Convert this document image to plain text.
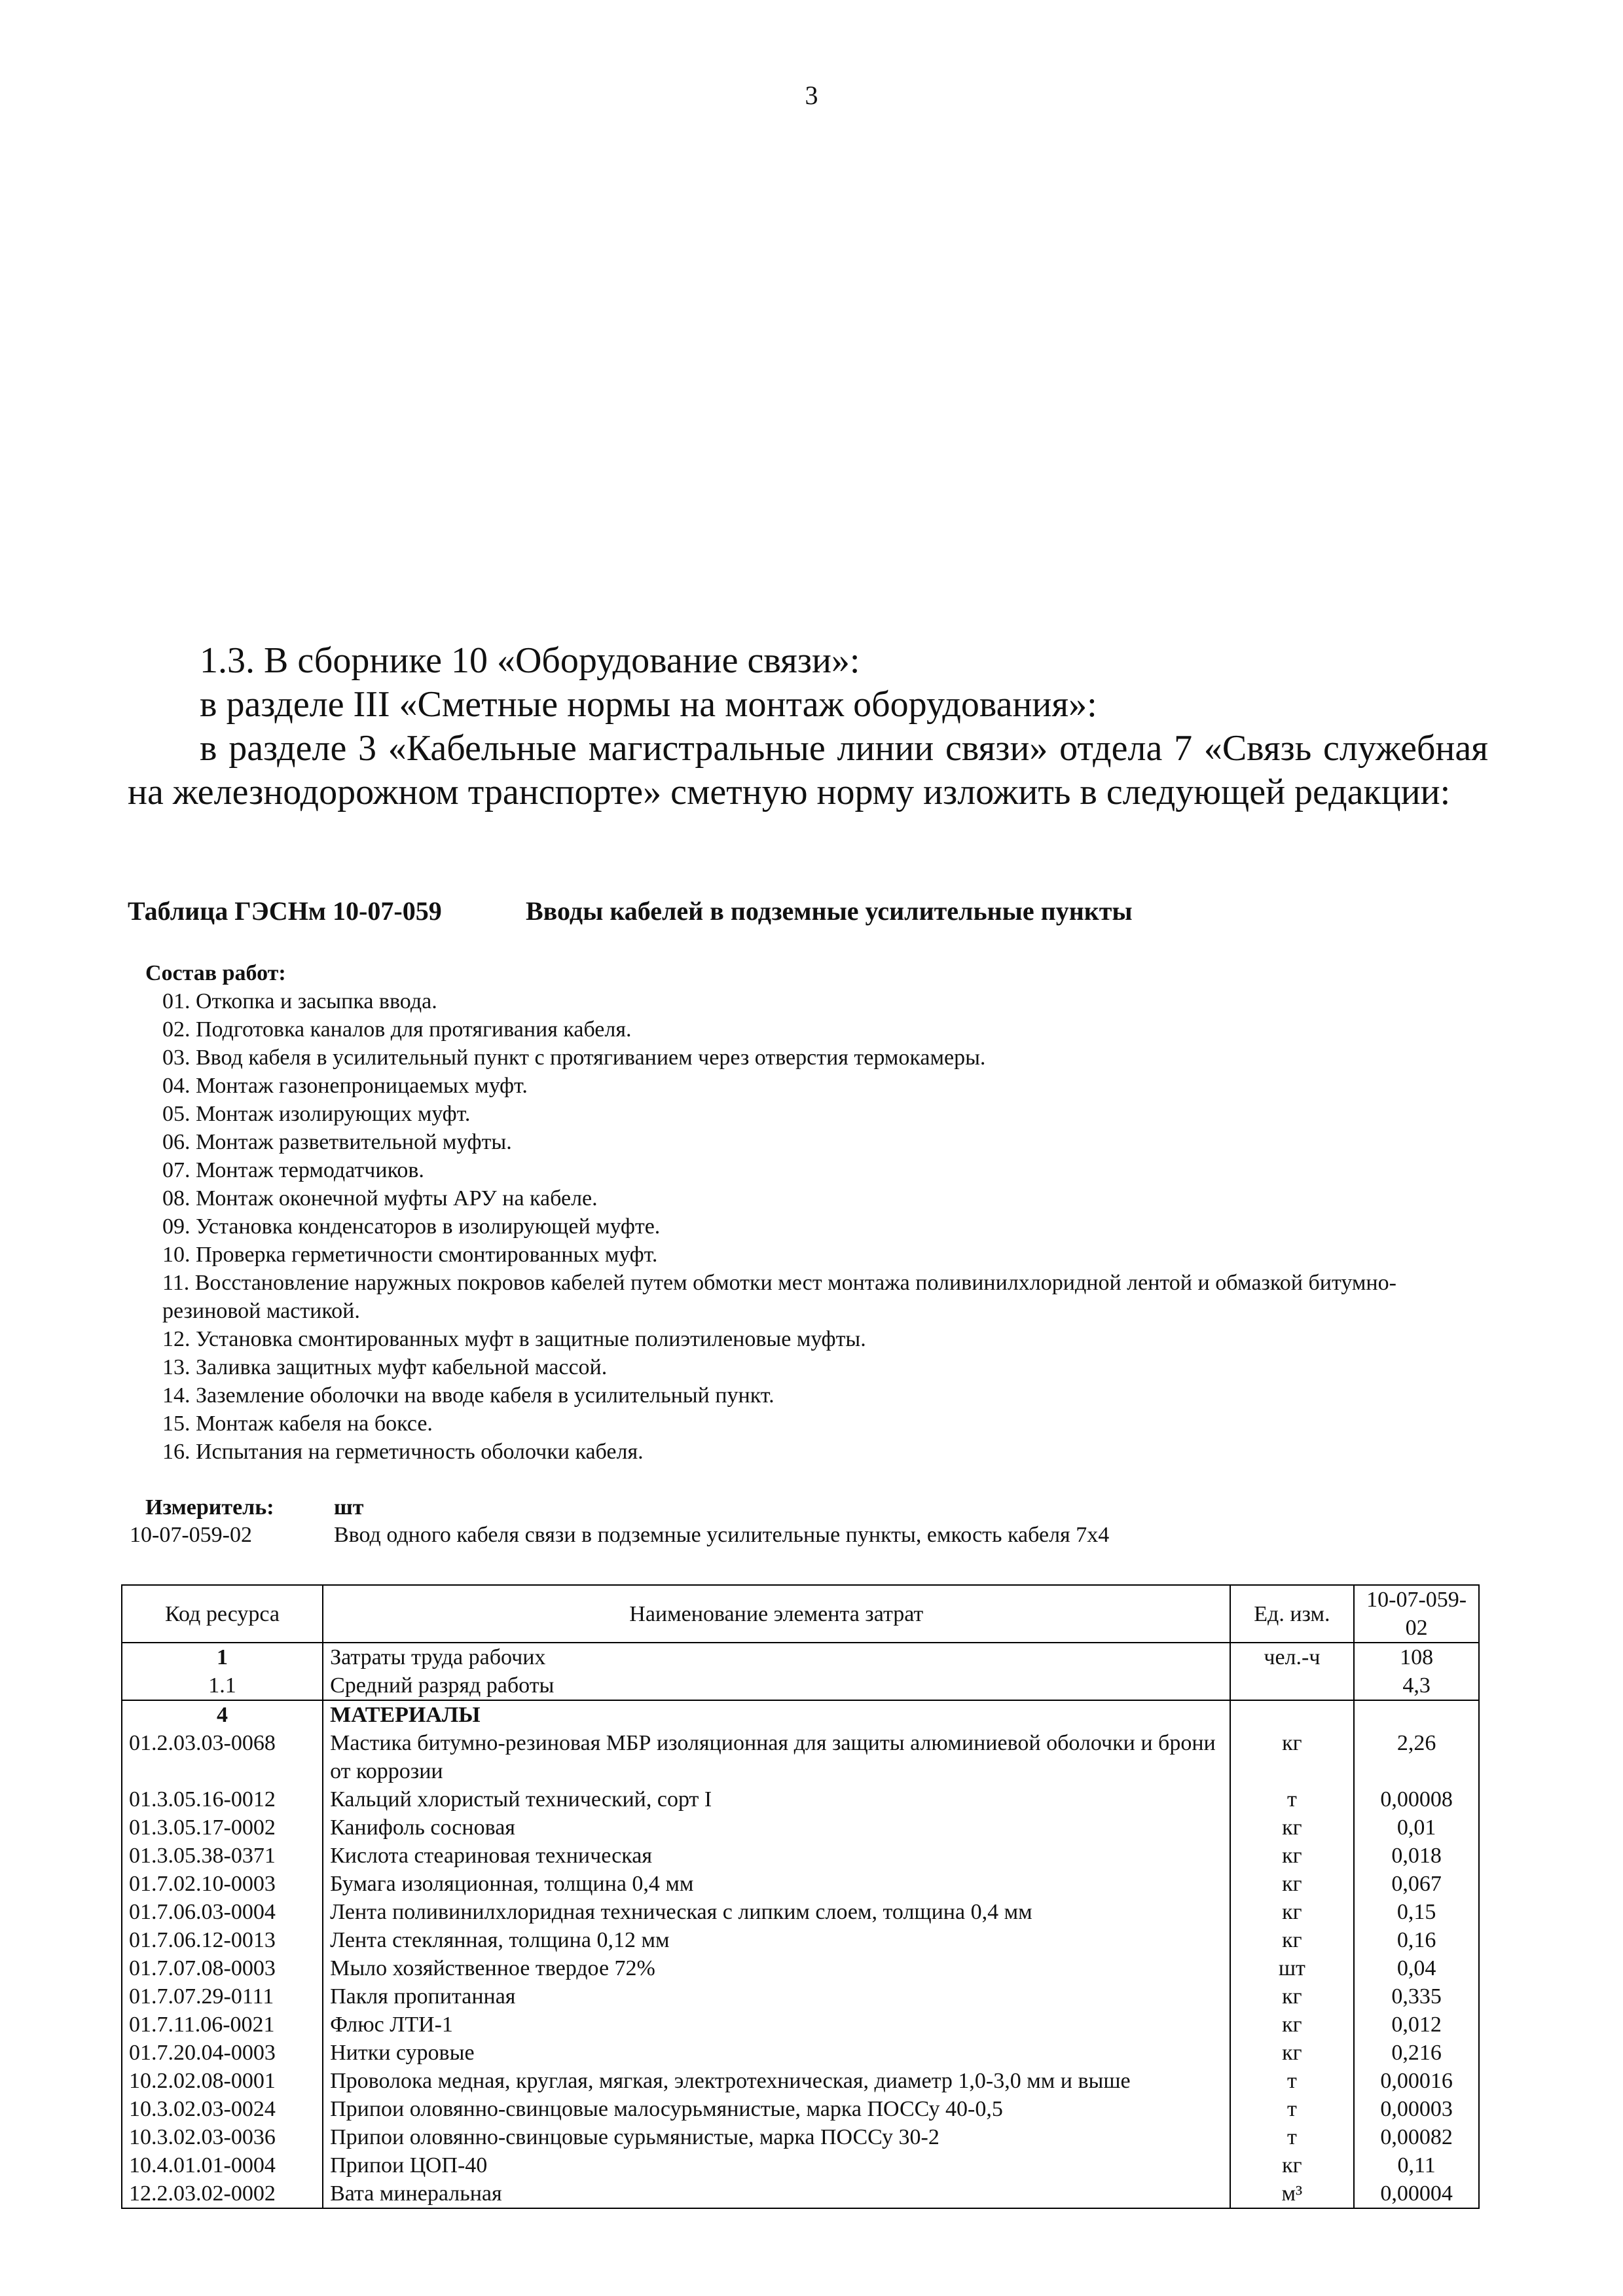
3

1.3. В сборнике 10 «Оборудование связи»:

в разделе III «Сметные нормы на монтаж оборудования»:

в разделе 3 «Кабельные магистральные линии связи» отдела 7 «Связь служебная на железнодорожном транспорте» сметную норму изложить в следующей редакции:

Таблица ГЭСНм 10-07-059	Вводы кабелей в подземные усилительные пункты
Состав работ:
01. Откопка и засыпка ввода.
02. Подготовка каналов для протягивания кабеля.
03. Ввод кабеля в усилительный пункт с протягиванием через отверстия термокамеры.
04. Монтаж газонепроницаемых муфт.
05. Монтаж изолирующих муфт.
06. Монтаж разветвительной муфты.
07. Монтаж термодатчиков.
08. Монтаж оконечной муфты АРУ на кабеле.
09. Установка конденсаторов в изолирующей муфте.
10. Проверка герметичности смонтированных муфт.
11. Восстановление наружных покровов кабелей путем обмотки мест монтажа поливинилхлоридной лентой и обмазкой битумно-резиновой мастикой.
12. Установка смонтированных муфт в защитные полиэтиленовые муфты.
13. Заливка защитных муфт кабельной массой.
14. Заземление оболочки на вводе кабеля в усилительный пункт.
15. Монтаж кабеля на боксе.
16. Испытания на герметичность оболочки кабеля.
Измеритель:	шт
10-07-059-02	Ввод одного кабеля связи в подземные усилительные пункты, емкость кабеля 7х4
Код ресурса	Наименование элемента затрат	Ед. изм.	10-07-059-02
1	Затраты труда рабочих	чел.-ч	108
1.1	Средний разряд работы		4,3
4	МАТЕРИАЛЫ		
01.2.03.03-0068	Мастика битумно-резиновая МБР изоляционная для защиты алюминиевой оболочки и брони от коррозии	кг	2,26
01.3.05.16-0012	Кальций хлористый технический, сорт I	т	0,00008
01.3.05.17-0002	Канифоль сосновая	кг	0,01
01.3.05.38-0371	Кислота стеариновая техническая	кг	0,018
01.7.02.10-0003	Бумага изоляционная, толщина 0,4 мм	кг	0,067
01.7.06.03-0004	Лента поливинилхлоридная техническая с липким слоем, толщина 0,4 мм	кг	0,15
01.7.06.12-0013	Лента стеклянная, толщина 0,12 мм	кг	0,16
01.7.07.08-0003	Мыло хозяйственное твердое 72%	шт	0,04
01.7.07.29-0111	Пакля пропитанная	кг	0,335
01.7.11.06-0021	Флюс ЛТИ-1	кг	0,012
01.7.20.04-0003	Нитки суровые	кг	0,216
10.2.02.08-0001	Проволока медная, круглая, мягкая, электротехническая, диаметр 1,0-3,0 мм и выше	т	0,00016
10.3.02.03-0024	Припои оловянно-свинцовые малосурьмянистые, марка ПОССу 40-0,5	т	0,00003
10.3.02.03-0036	Припои оловянно-свинцовые сурьмянистые, марка ПОССу 30-2	т	0,00082
10.4.01.01-0004	Припои ЦОП-40	кг	0,11
12.2.03.02-0002	Вата минеральная	м³	0,00004
